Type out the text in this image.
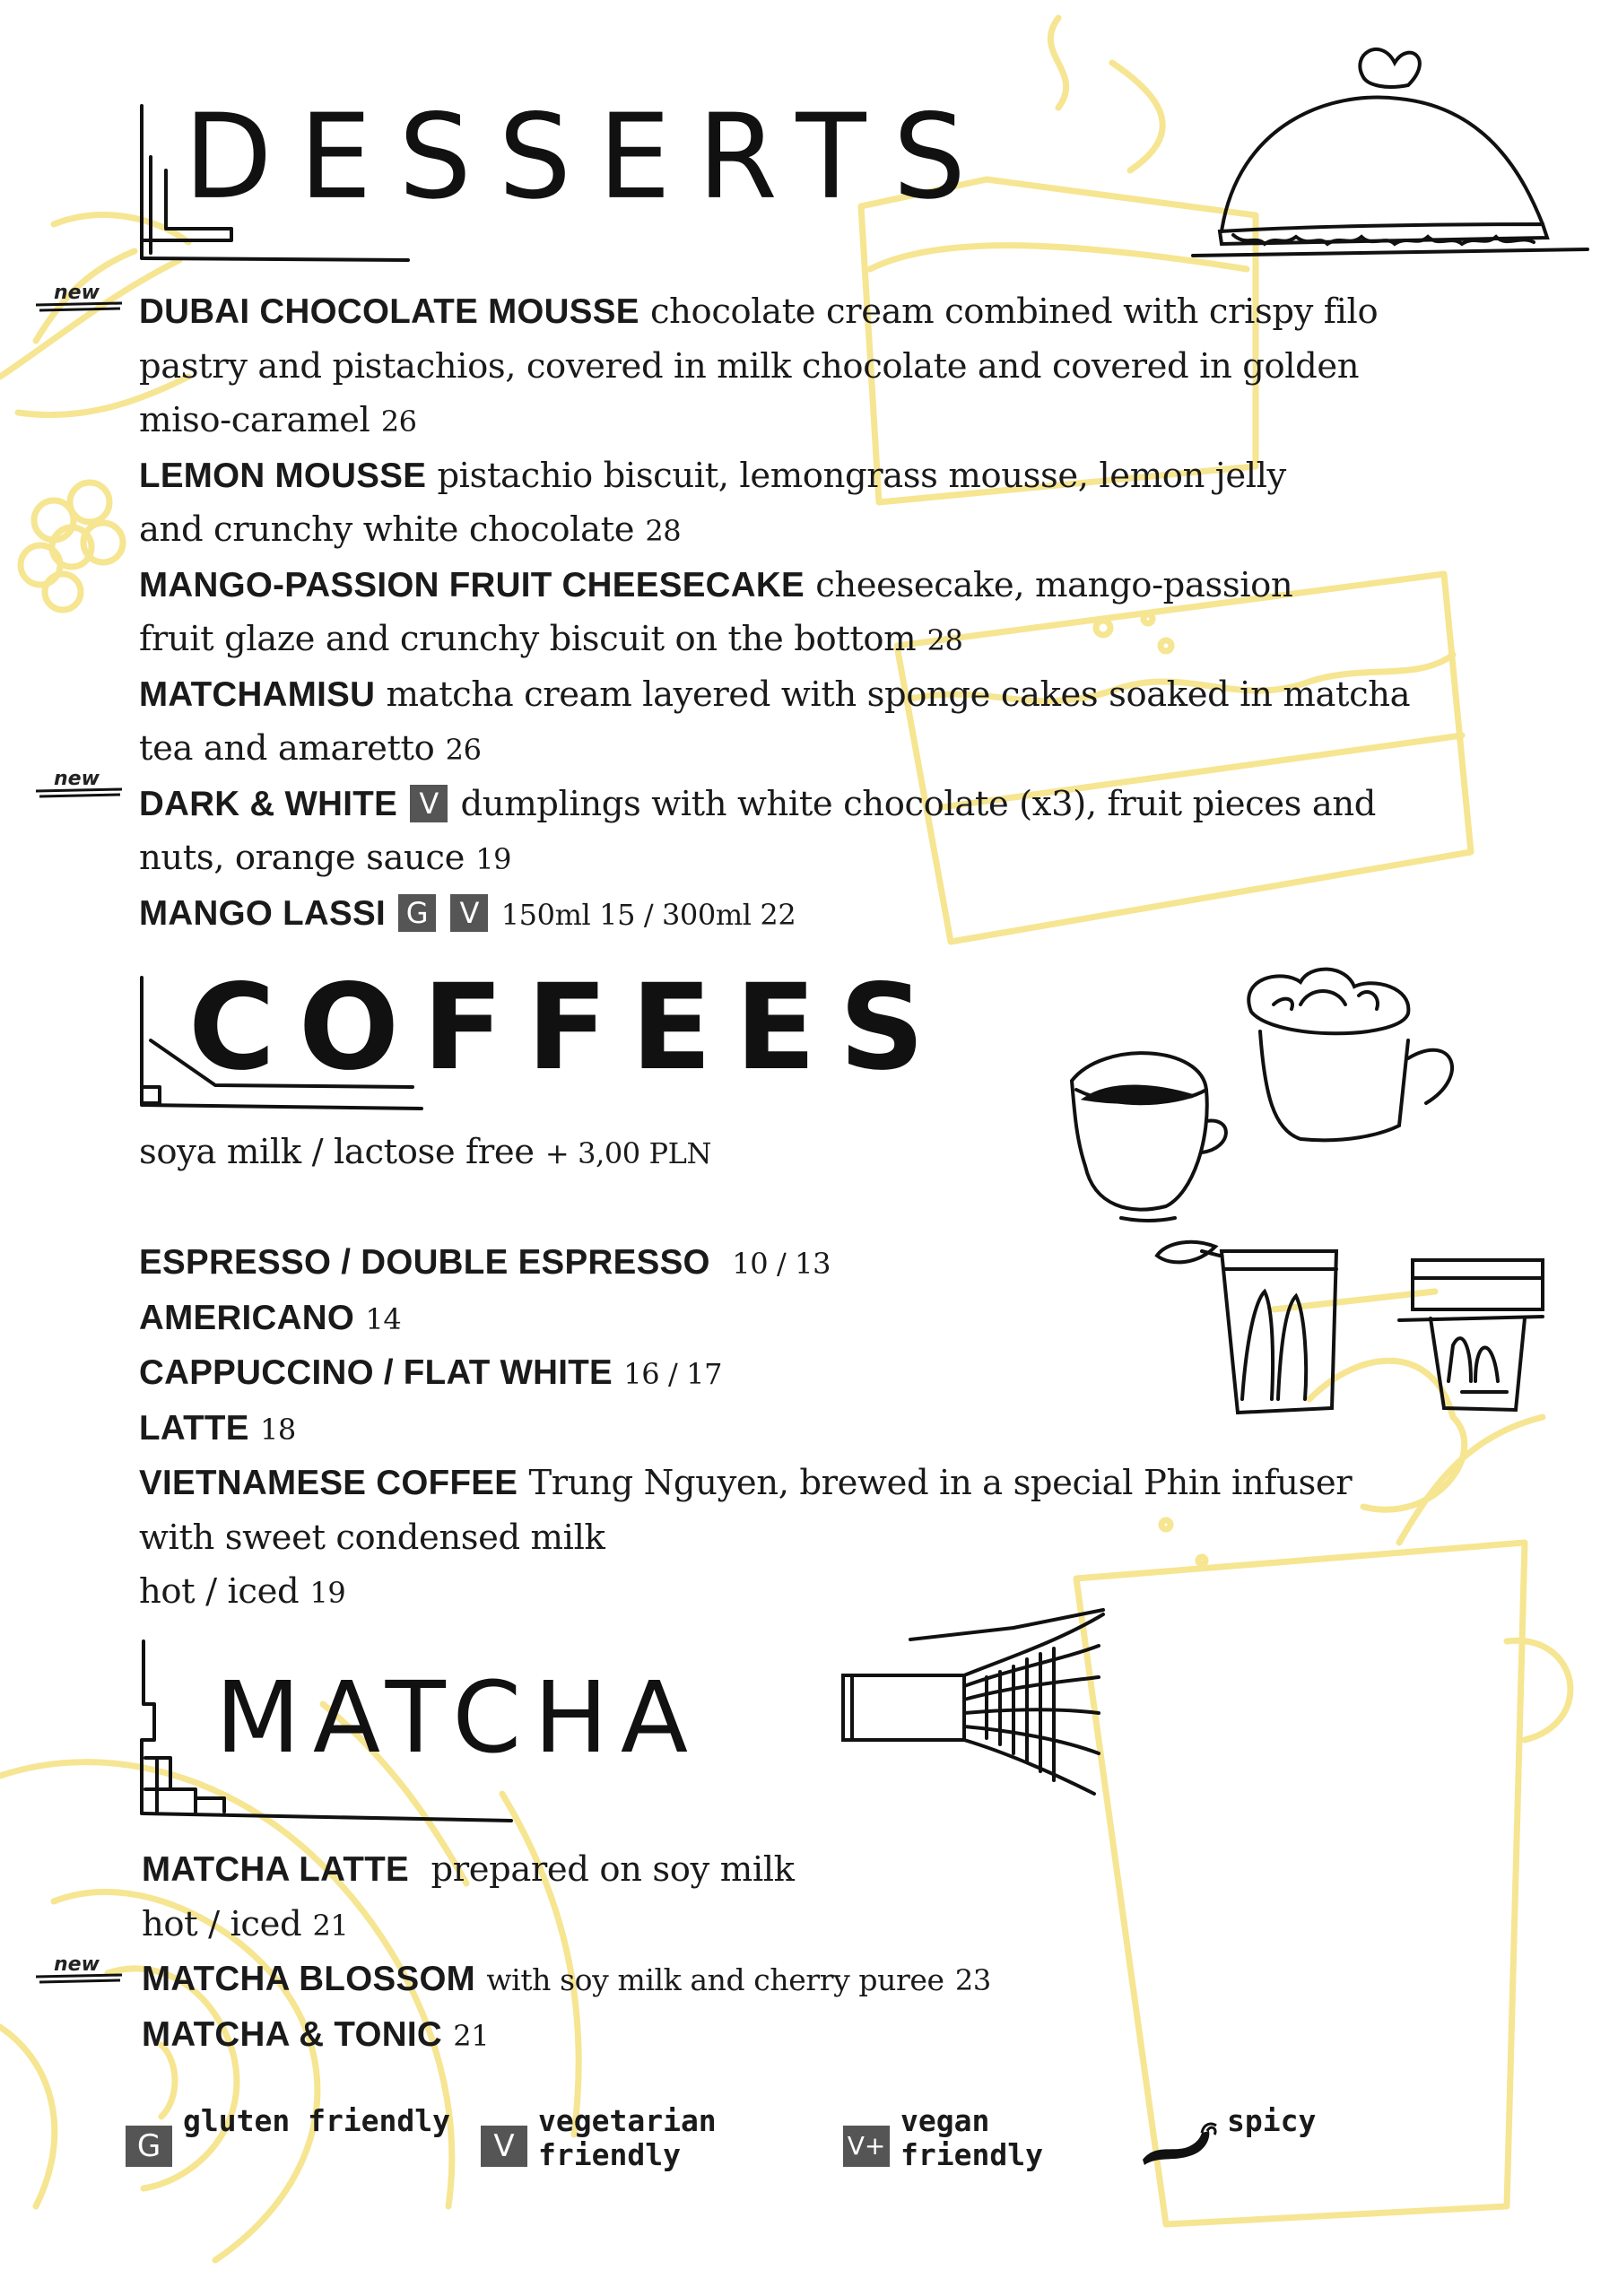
DESSERTS
COFFEES
MATCHA
new
new
new

DUBAI CHOCOLATE MOUSSE chocolate cream combined with crispy filo
pastry and pistachios, covered in milk chocolate and covered in golden
miso-caramel 26

LEMON MOUSSE pistachio biscuit, lemongrass mousse, lemon jelly
and crunchy white chocolate 28

MANGO-PASSION FRUIT CHEESECAKE cheesecake, mango-passion
fruit glaze and crunchy biscuit on the bottom 28

MATCHAMISU matcha cream layered with sponge cakes soaked in matcha
tea and amaretto 26

DARK & WHITE V dumplings with white chocolate (x3), fruit pieces and
nuts, orange sauce 19

MANGO LASSI G V 150ml 15 / 300ml 22

soya milk / lactose free + 3,00 PLN

ESPRESSO / DOUBLE ESPRESSO 10 / 13

AMERICANO 14

CAPPUCCINO / FLAT WHITE 16 / 17

LATTE 18

VIETNAMESE COFFEE Trung Nguyen, brewed in a special Phin infuser
with sweet condensed milk
hot / iced 19

MATCHA LATTE prepared on soy milk
hot / iced 21

MATCHA BLOSSOM with soy milk and cherry puree 23

MATCHA & TONIC 21

G
gluten friendly
V
vegetarian
friendly	V+
vegan
friendly
spicy
